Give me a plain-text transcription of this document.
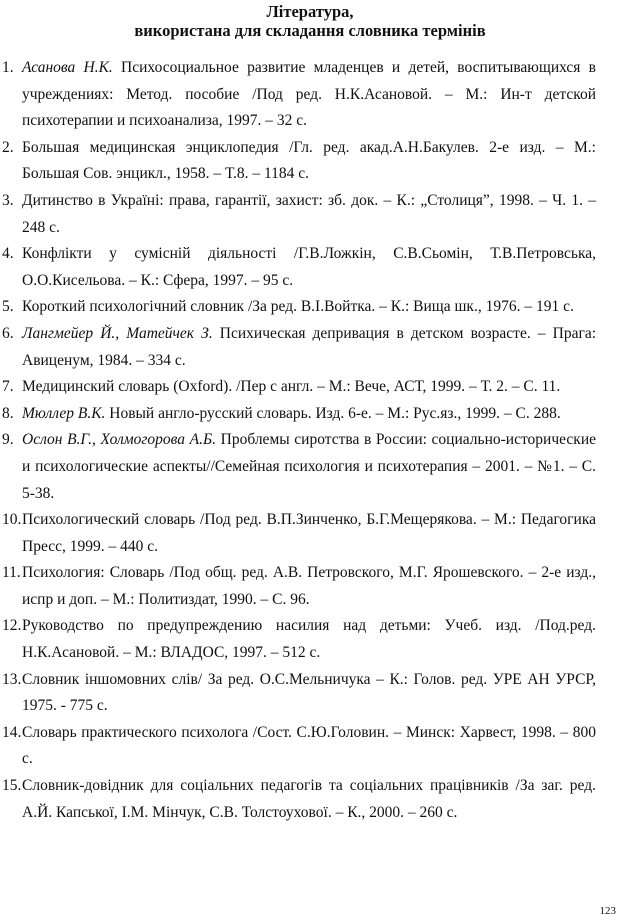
Література,
використана для складання словника термінів
1. Асанова Н.К. Психосоциальное развитие младенцев и детей, воспитывающихся в учреждениях: Метод. пособие /Под ред. Н.К.Асановой. – М.: Ин-т детской психотерапии и психоанализа, 1997. – 32 с.
2. Большая медицинская энциклопедия /Гл. ред. акад.А.Н.Бакулев. 2-е изд. – М.: Большая Сов. энцикл., 1958. – Т.8. – 1184 с.
3. Дитинство в Україні: права, гарантії, захист: зб. док. – К.: „Столиця”, 1998. – Ч. 1. – 248 с.
4. Конфлікти у сумісній діяльності /Г.В.Ложкін, С.В.Сьомін, Т.В.Петровська, О.О.Кисельова. – К.: Сфера, 1997. – 95 с.
5. Короткий психологічний словник /За ред. В.І.Войтка. – К.: Вища шк., 1976. – 191 с.
6. Лангмейер Й., Матейчек З. Психическая депривация в детском возрасте. – Прага: Авиценум, 1984. – 334 с.
7. Медицинский словарь (Oxford). /Пер с англ. – М.: Вече, АСТ, 1999. – Т. 2. – С. 11.
8. Мюллер В.К. Новый англо-русский словарь. Изд. 6-е. – М.: Рус.яз., 1999. – С. 288.
9. Ослон В.Г., Холмогорова А.Б. Проблемы сиротства в России: социально-исторические и психологические аспекты//Семейная психология и психотерапия – 2001. – №1. – С. 5-38.
10. Психологический словарь /Под ред. В.П.Зинченко, Б.Г.Мещерякова. – М.: Педагогика Пресс, 1999. – 440 с.
11. Психология: Словарь /Под общ. ред. А.В. Петровского, М.Г. Ярошевского. – 2-е изд., испр и доп. – М.: Политиздат, 1990. – С. 96.
12. Руководство по предупреждению насилия над детьми: Учеб. изд. /Под.ред. Н.К.Асановой. – М.: ВЛАДОС, 1997. – 512 с.
13. Словник іншомовних слів/ За ред. О.С.Мельничука – К.: Голов. ред. УРЕ АН УРСР, 1975. - 775 с.
14. Словарь практического психолога /Сост. С.Ю.Головин. – Минск: Харвест, 1998. – 800 с.
15. Словник-довідник для соціальних педагогів та соціальних працівників /За заг. ред. А.Й. Капської, І.М. Мінчук, С.В. Толстоухової. – К., 2000. – 260 с.
123
